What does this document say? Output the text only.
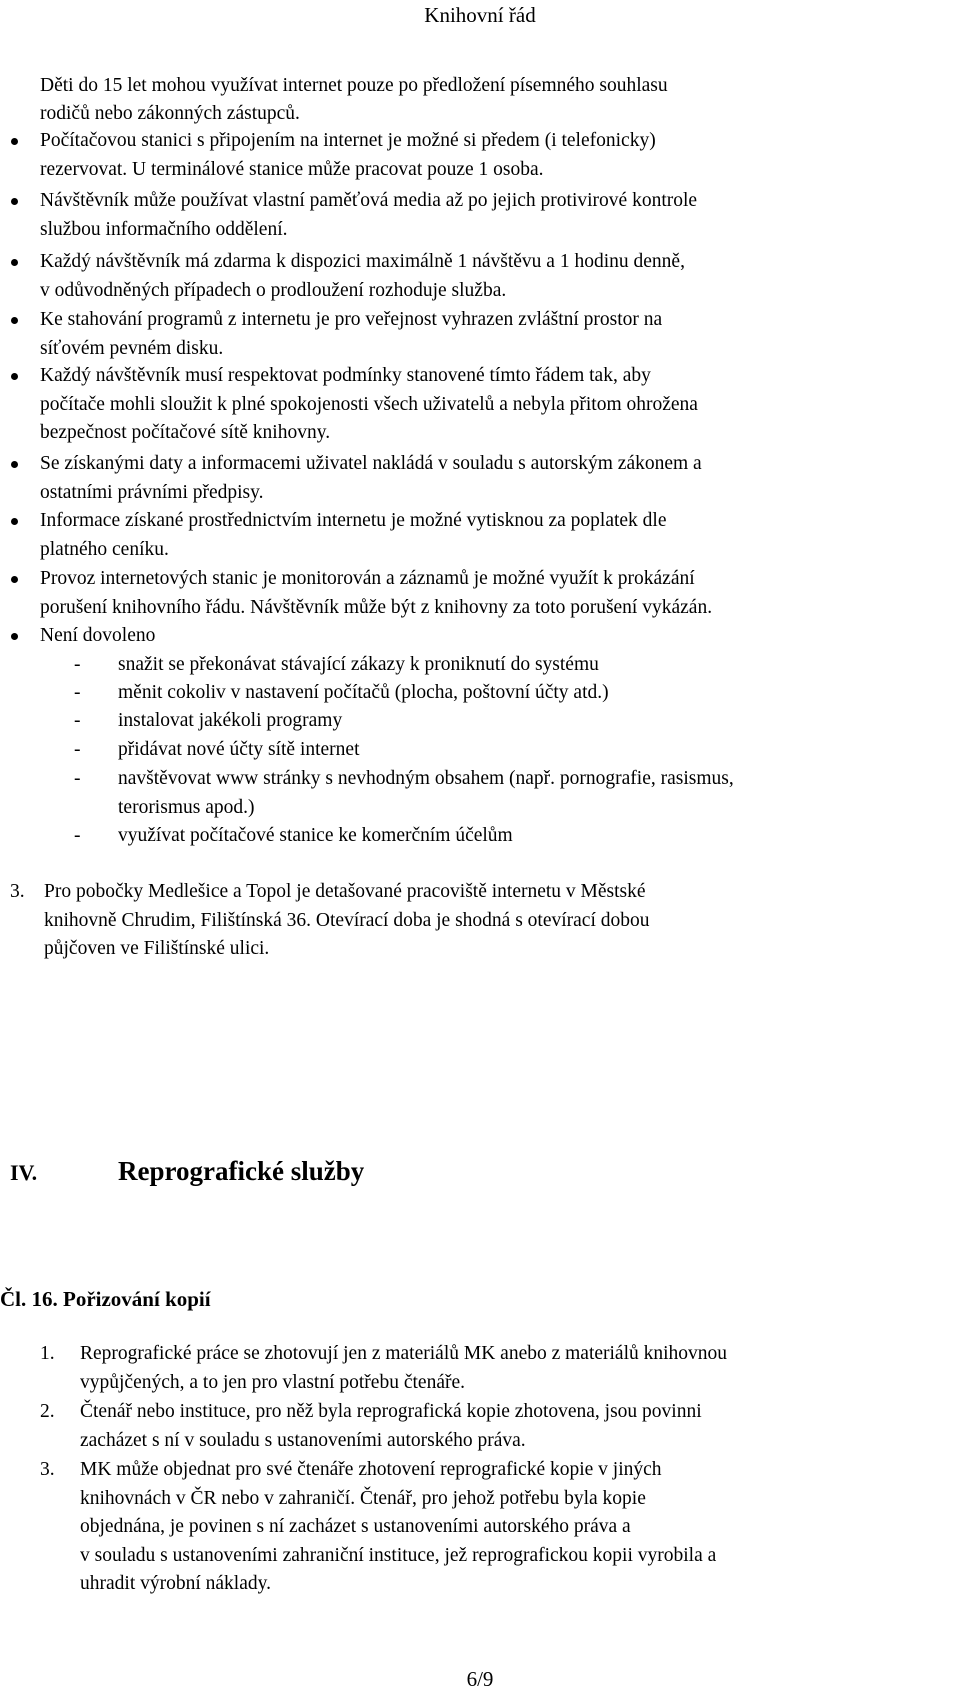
Knihovní řád
Děti do 15 let mohou využívat internet pouze po předložení písemného souhlasu
rodičů nebo zákonných zástupců.
Počítačovou stanici s připojením na internet je možné si předem (i telefonicky)
rezervovat. U terminálové stanice může pracovat pouze 1 osoba.
Návštěvník může používat vlastní paměťová media až po jejich protivirové kontrole
službou informačního oddělení.
Každý návštěvník má zdarma k dispozici maximálně 1 návštěvu a 1 hodinu denně,
v odůvodněných případech o prodloužení rozhoduje služba.
Ke stahování programů z internetu je pro veřejnost vyhrazen zvláštní prostor na
síťovém pevném disku.
Každý návštěvník musí respektovat podmínky stanovené tímto řádem tak, aby
počítače mohli sloužit k plné spokojenosti všech uživatelů a nebyla přitom ohrožena
bezpečnost počítačové sítě knihovny.
Se získanými daty a informacemi uživatel nakládá v souladu s autorským zákonem a
ostatními právními předpisy.
Informace získané prostřednictvím internetu je možné vytisknou za poplatek dle
platného ceníku.
Provoz internetových stanic je monitorován a záznamů je možné využít k prokázání
porušení knihovního řádu. Návštěvník může být z knihovny za toto porušení vykázán.
Není dovoleno
- snažit se překonávat stávající zákazy k proniknutí do systému
- měnit cokoliv v nastavení počítačů (plocha, poštovní účty atd.)
- instalovat jakékoli programy
- přidávat nové účty sítě internet
- navštěvovat www stránky s nevhodným obsahem (např. pornografie, rasismus,
terorismus apod.)
- využívat počítačové stanice ke komerčním účelům
3. Pro pobočky Medlešice a Topol je detašované pracoviště internetu v Městské
knihovně Chrudim, Filištínská 36. Otevírací doba je shodná s otevírací dobou
půjčoven ve Filištínské ulici.
IV.	Reprografické služby
Čl. 16. Pořizování kopií
1. Reprografické práce se zhotovují jen z materiálů MK anebo z materiálů knihovnou
vypůjčených, a to jen pro vlastní potřebu čtenáře.
2. Čtenář nebo instituce, pro něž byla reprografická kopie zhotovena, jsou povinni
zacházet s ní v souladu s ustanoveními autorského práva.
3. MK může objednat pro své čtenáře zhotovení reprografické kopie v jiných
knihovnách v ČR nebo v zahraničí. Čtenář, pro jehož potřebu byla kopie
objednána, je povinen s ní zacházet s ustanoveními autorského práva a
v souladu s ustanoveními zahraniční instituce, jež reprografickou kopii vyrobila a
uhradit výrobní náklady.
6/9
